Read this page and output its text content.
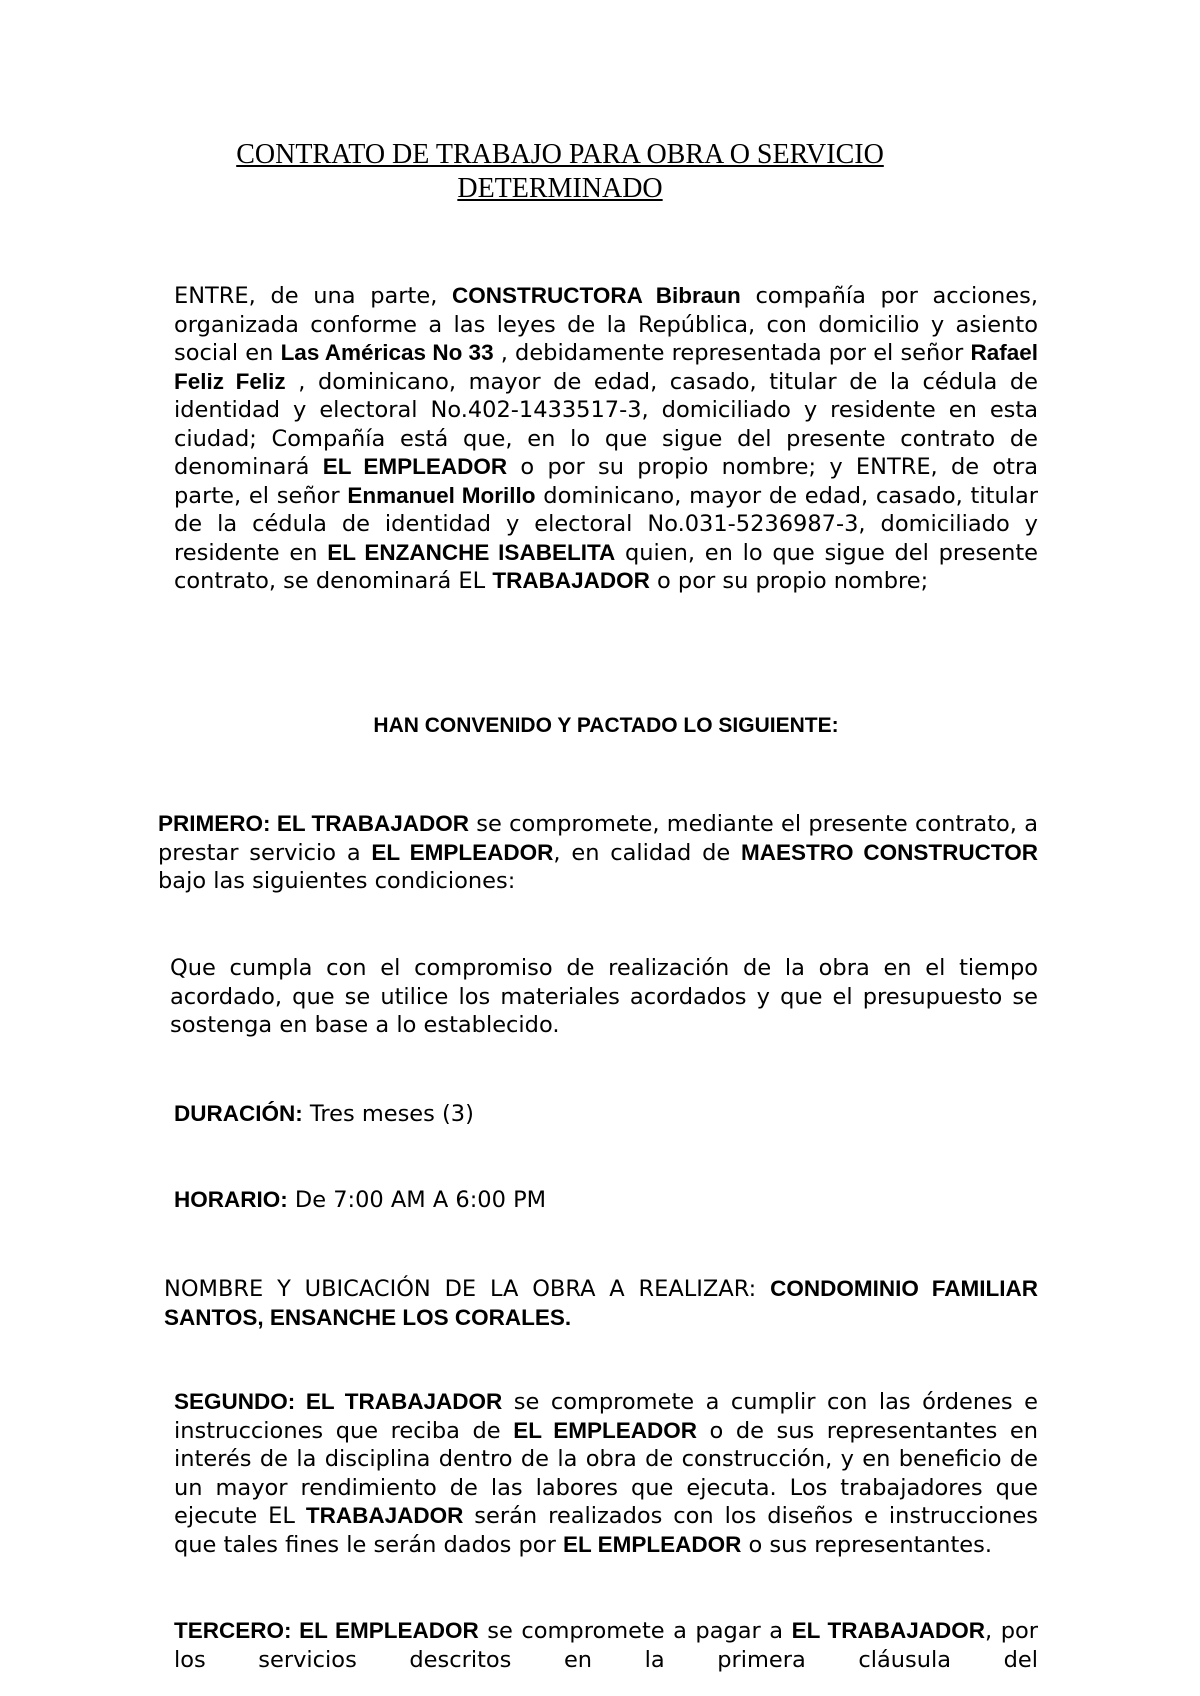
CONTRATO DE TRABAJO PARA OBRA O SERVICIO
DETERMINADO

ENTRE, de una parte, CONSTRUCTORA Bibraun compañía por acciones, organizada conforme a las leyes de la República, con domicilio y asiento social en Las Américas No 33 , debidamente representada por el señor Rafael Feliz Feliz , dominicano, mayor de edad, casado, titular de la cédula de identidad y electoral No.402-1433517-3, domiciliado y residente en esta ciudad; Compañía está que, en lo que sigue del presente contrato de denominará EL EMPLEADOR o por su propio nombre; y ENTRE, de otra parte, el señor Enmanuel Morillo dominicano, mayor de edad, casado, titular de la cédula de identidad y electoral No.031-5236987-3, domiciliado y residente en EL ENZANCHE ISABELITA quien, en lo que sigue del presente contrato, se denominará EL TRABAJADOR o por su propio nombre;

HAN CONVENIDO Y PACTADO LO SIGUIENTE:

PRIMERO: EL TRABAJADOR se compromete, mediante el presente contrato, a prestar servicio a EL EMPLEADOR, en calidad de MAESTRO CONSTRUCTOR bajo las siguientes condiciones:

Que cumpla con el compromiso de realización de la obra en el tiempo acordado, que se utilice los materiales acordados y que el presupuesto se sostenga en base a lo establecido.

DURACIÓN: Tres meses (3)

HORARIO: De 7:00 AM A 6:00 PM

NOMBRE Y UBICACIÓN DE LA OBRA A REALIZAR: CONDOMINIO FAMILIAR SANTOS, ENSANCHE LOS CORALES.

SEGUNDO: EL TRABAJADOR se compromete a cumplir con las órdenes e instrucciones que reciba de EL EMPLEADOR o de sus representantes en interés de la disciplina dentro de la obra de construcción, y en beneficio de un mayor rendimiento de las labores que ejecuta. Los trabajadores que ejecute EL TRABAJADOR serán realizados con los diseños e instrucciones que tales fines le serán dados por EL EMPLEADOR o sus representantes.

TERCERO: EL EMPLEADOR se compromete a pagar a EL TRABAJADOR, por los servicios descritos en la primera cláusula del
